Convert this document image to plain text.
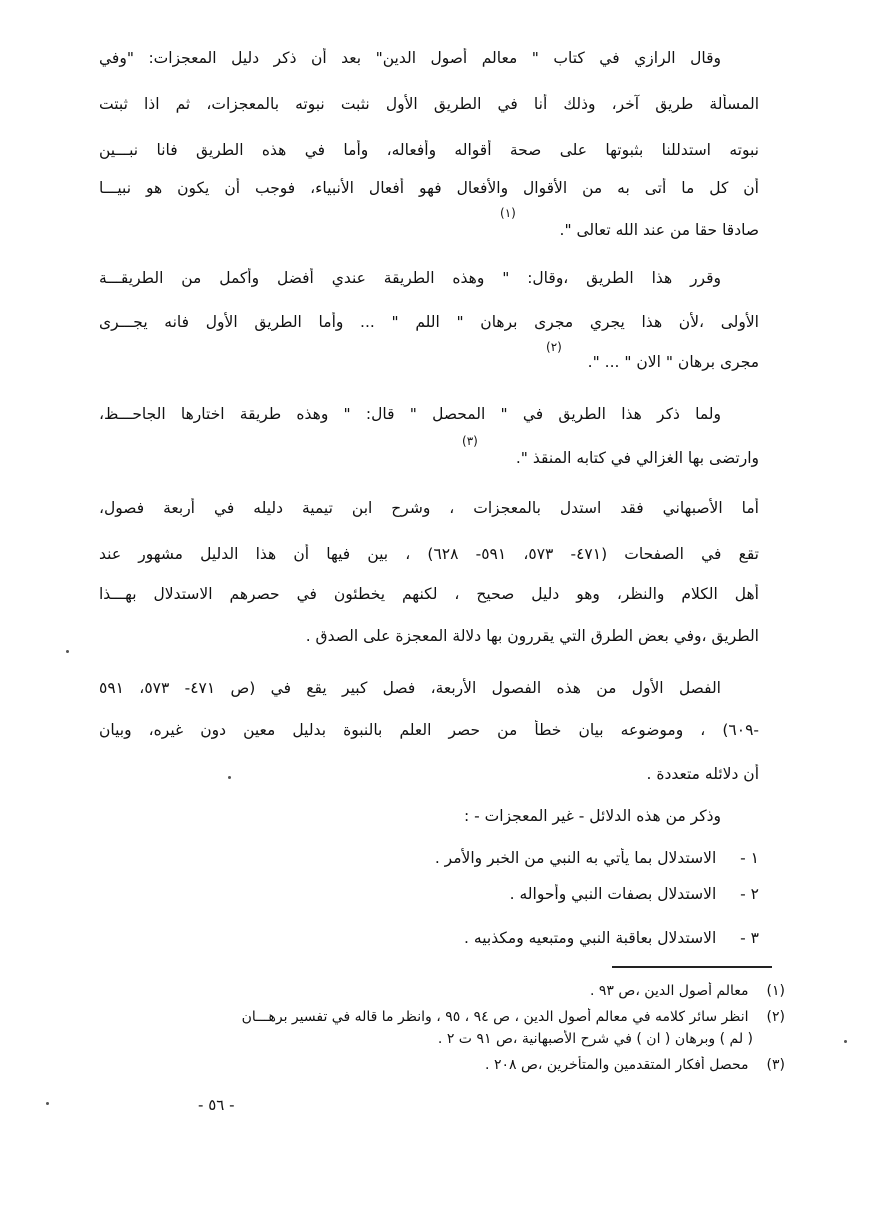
وقال الرازي في كتاب " معالم أصول الدين" بعد أن ذكر دليل المعجزات: "وفي
المسألة طريق آخر، وذلك أنا في الطريق الأول نثبت نبوته بالمعجزات، ثم اذا ثبتت
نبوته استدللنا بثبوتها على صحة أقواله وأفعاله، وأما في هذه الطريق فانا نبـــين
أن كل ما أتى به من الأقوال والأفعال فهو أفعال الأنبياء، فوجب أن يكون هو نبيـــا
صادقا حقا من عند الله تعالى ".
(١)
وقرر هذا الطريق ،وقال: " وهذه الطريقة عندي أفضل وأكمل من الطريقـــة
الأولى ،لأن هذا يجري مجرى برهان " اللم " ... وأما الطريق الأول فانه يجـــرى
مجرى برهان " الان " ... ".
(٢)
ولما ذكر هذا الطريق في " المحصل " قال: " وهذه طريقة اختارها الجاحـــظ،
وارتضى بها الغزالي في كتابه المنقذ ".
(٣)
أما الأصبهاني فقد استدل بالمعجزات ، وشرح ابن تيمية دليله في أربعة فصول،
تقع في الصفحات (٤٧١- ٥٧٣، ٥٩١- ٦٢٨) ، بين فيها أن هذا الدليل مشهور عند
أهل الكلام والنظر، وهو دليل صحيح ، لكنهم يخطئون في حصرهم الاستدلال بهـــذا
الطريق ،وفي بعض الطرق التي يقررون بها دلالة المعجزة على الصدق .
الفصل الأول من هذه الفصول الأربعة، فصل كبير يقع في (ص ٤٧١- ٥٧٣، ٥٩١
-٦٠٩) ، وموضوعه بيان خطأ من حصر العلم بالنبوة بدليل معين دون غيره، وبيان
أن دلائله متعددة .
وذكر من هذه الدلائل - غير المعجزات - :
١ -  الاستدلال بما يأتي به النبي من الخبر والأمر .
٢ -  الاستدلال بصفات النبي وأحواله .
٣ -  الاستدلال بعاقبة النبي ومتبعيه ومكذبيه .
(١) معالم أصول الدين ،ص ٩٣ .
(٢) انظر سائر كلامه في معالم أصول الدين ، ص ٩٤ ، ٩٥ ، وانظر ما قاله في تفسير برهـــان
( لم ) وبرهان ( ان ) في شرح الأصبهانية ،ص ٩١ ت ٢ .
(٣) محصل أفكار المتقدمين والمتأخرين ،ص ٢٠٨ .
- ٥٦ -
